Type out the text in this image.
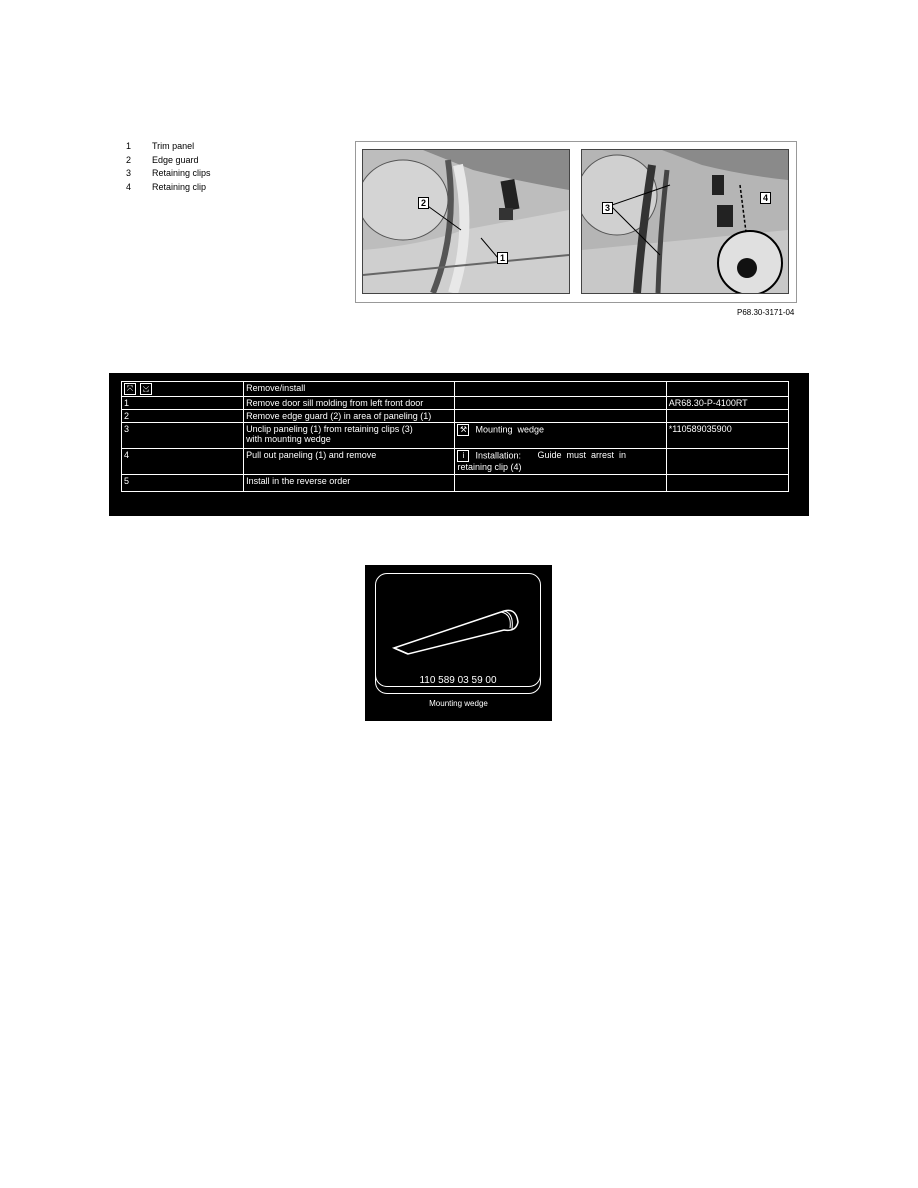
1	Trim panel
2	Edge guard
3	Retaining clips
4	Retaining clip
2
1
3
4
P68.30-3171-04
⤧ ⤩	Remove/install		
1	Remove door sill molding from left front door		AR68.30-P-4100RT
2	Remove edge guard (2) in area of paneling (1)		
3	Unclip paneling (1) from retaining clips (3)
with mounting wedge	⚒ Mounting  wedge	*110589035900
4	Pull out paneling (1) and remove	i Installation: Guide  must  arrest  in
retaining clip (4)	

5	Install in the reverse order		
110 589 03 59 00
Mounting wedge
